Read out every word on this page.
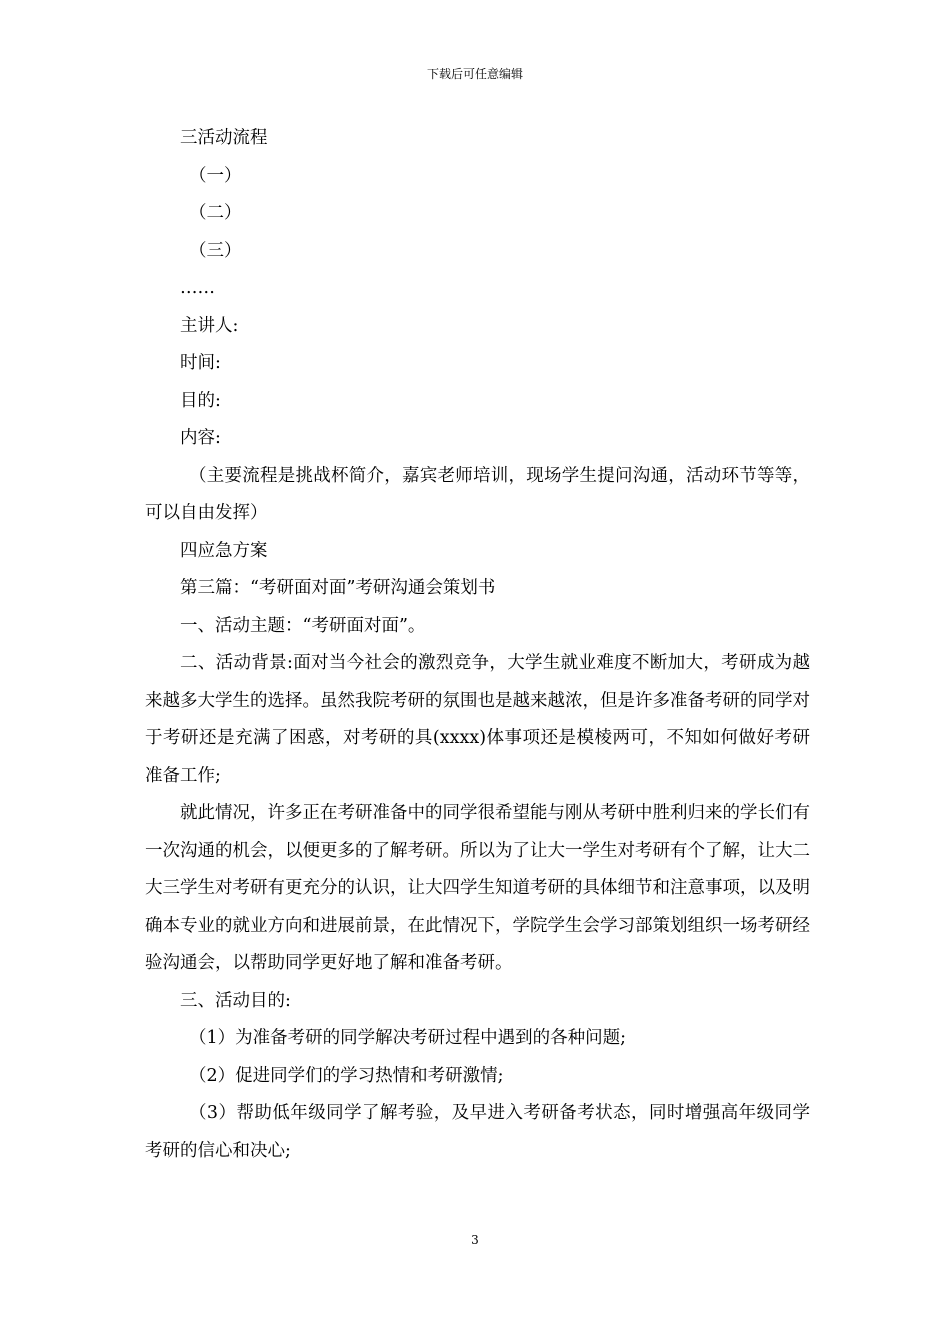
下载后可任意编辑

三活动流程

（一）

（二）

（三）

……

主讲人:

时间:

目的:

内容:

（主要流程是挑战杯简介，嘉宾老师培训，现场学生提问沟通，活动环节等等，可以自由发挥）

四应急方案

第三篇：“考研面对面”考研沟通会策划书

一、活动主题：“考研面对面”。

二、活动背景:面对当今社会的激烈竞争，大学生就业难度不断加大，考研成为越来越多大学生的选择。虽然我院考研的氛围也是越来越浓，但是许多准备考研的同学对于考研还是充满了困惑，对考研的具(xxxx)体事项还是模棱两可，不知如何做好考研准备工作;

就此情况，许多正在考研准备中的同学很希望能与刚从考研中胜利归来的学长们有一次沟通的机会，以便更多的了解考研。所以为了让大一学生对考研有个了解，让大二大三学生对考研有更充分的认识，让大四学生知道考研的具体细节和注意事项，以及明确本专业的就业方向和进展前景，在此情况下，学院学生会学习部策划组织一场考研经验沟通会，以帮助同学更好地了解和准备考研。

三、活动目的:

（1）为准备考研的同学解决考研过程中遇到的各种问题;

（2）促进同学们的学习热情和考研激情;

（3）帮助低年级同学了解考验，及早进入考研备考状态，同时增强高年级同学考研的信心和决心;

3
